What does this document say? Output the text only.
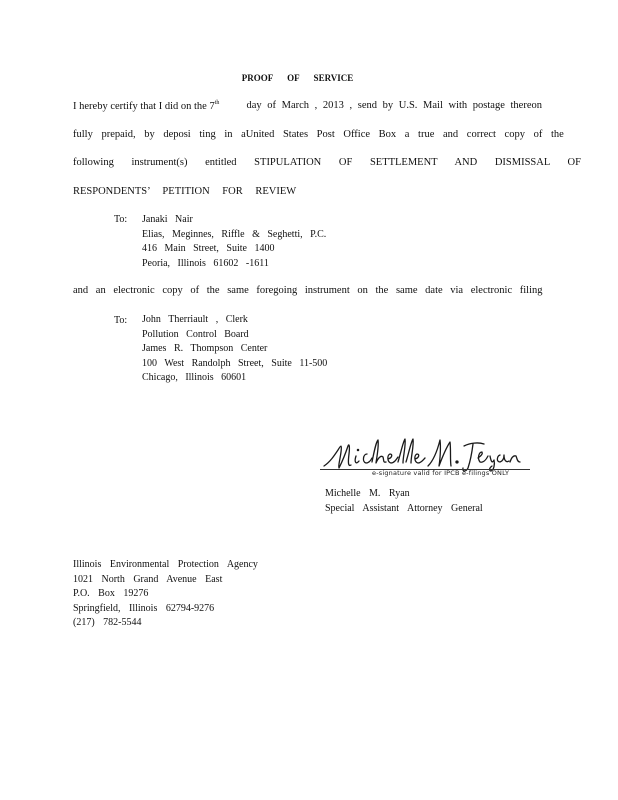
PROOF OF SERVICE
I hereby certify that I did on the 7th	day of March , 2013 , send by U.S. Mail with postage thereon
fully prepaid, by deposi ting in aUnited States Post Office Box a true and correct copy of the
following instrument(s) entitled STIPULATION OF SETTLEMENT AND DISMISSAL OF
RESPONDENTS’ PETITION FOR REVIEW
To: Janaki Nair
Elias, Meginnes, Riffle & Seghetti, P.C.
416 Main Street, Suite 1400
Peoria, Illinois 61602 -1611
and an electronic copy of the same foregoing instrument on the same date via electronic filing
To: John Therriault , Clerk
Pollution Control Board
James R. Thompson Center
100 West Randolph Street, Suite 11-500
Chicago, Illinois 60601
e-signature valid for IPCB e-filings ONLY
Michelle M. Ryan
Special Assistant Attorney General
Illinois Environmental Protection Agency
1021 North Grand Avenue East
P.O. Box 19276
Springfield, Illinois 62794-9276
(217) 782-5544
